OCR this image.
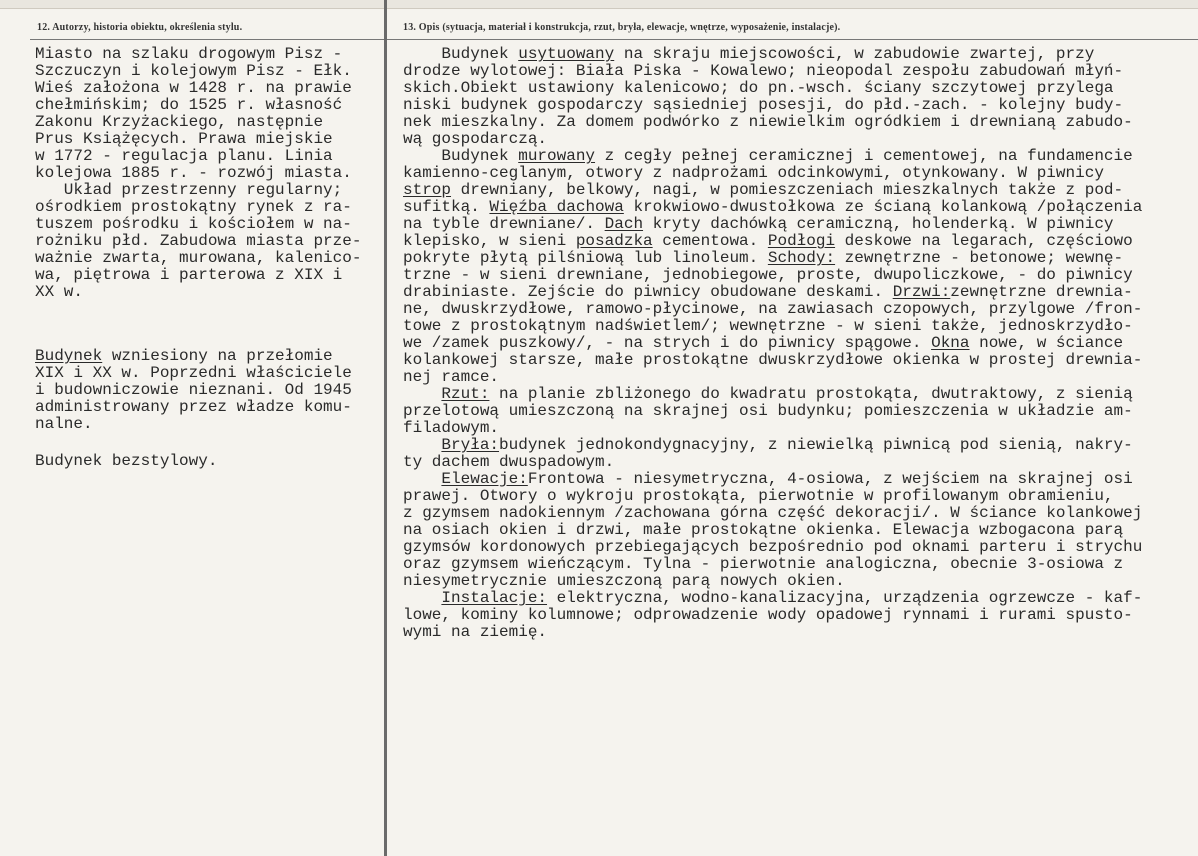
12. Autorzy, historia obiektu, określenia stylu.	13. Opis (sytuacja, materiał i konstrukcja, rzut, bryła, elewacje, wnętrze, wyposażenie, instalacje).
Miasto na szlaku drogowym Pisz -
Szczuczyn i kolejowym Pisz - Ełk.
Wieś założona w 1428 r. na prawie
chełmińskim; do 1525 r. własność
Zakonu Krzyżackiego, następnie
Prus Książęcych. Prawa miejskie
w 1772 - regulacja planu. Linia
kolejowa 1885 r. - rozwój miasta.
Układ przestrzenny regularny;
ośrodkiem prostokątny rynek z ra-
tuszem pośrodku i kościołem w na-
rożniku płd. Zabudowa miasta prze-
ważnie zwarta, murowana, kalenico-
wa, piętrowa i parterowa z XIX i
XX w.
Budynek wzniesiony na przełomie
XIX i XX w. Poprzedni właściciele
i budowniczowie nieznani. Od 1945
administrowany przez władze komu-
nalne.
Budynek bezstylowy.
Budynek usytuowany na skraju miejscowości, w zabudowie zwartej, przy
drodze wylotowej: Biała Piska - Kowalewo; nieopodal zespołu zabudowań młyń-
skich.Obiekt ustawiony kalenicowo; do pn.-wsch. ściany szczytowej przylega
niski budynek gospodarczy sąsiedniej posesji, do płd.-zach. - kolejny budy-
nek mieszkalny. Za domem podwórko z niewielkim ogródkiem i drewnianą zabudo-
wą gospodarczą.
Budynek murowany z cegły pełnej ceramicznej i cementowej, na fundamencie
kamienno-ceglanym, otwory z nadprożami odcinkowymi, otynkowany. W piwnicy
strop drewniany, belkowy, nagi, w pomieszczeniach mieszkalnych także z pod-
sufitką. Więźba dachowa krokwiowo-dwustołkowa ze ścianą kolankową /połączenia
na tyble drewniane/. Dach kryty dachówką ceramiczną, holenderką. W piwnicy
klepisko, w sieni posadzka cementowa. Podłogi deskowe na legarach, częściowo
pokryte płytą pilśniową lub linoleum. Schody: zewnętrzne - betonowe; wewnę-
trzne - w sieni drewniane, jednobiegowe, proste, dwupoliczkowe, - do piwnicy
drabiniaste. Zejście do piwnicy obudowane deskami. Drzwi:zewnętrzne drewnia-
ne, dwuskrzydłowe, ramowo-płycinowe, na zawiasach czopowych, przylgowe /fron-
towe z prostokątnym nadświetlem/; wewnętrzne - w sieni także, jednoskrzydło-
we /zamek puszkowy/, - na strych i do piwnicy spągowe. Okna nowe, w ściance
kolankowej starsze, małe prostokątne dwuskrzydłowe okienka w prostej drewnia-
nej ramce.
Rzut: na planie zbliżonego do kwadratu prostokąta, dwutraktowy, z sienią
przelotową umieszczoną na skrajnej osi budynku; pomieszczenia w układzie am-
filadowym.
Bryła:budynek jednokondygnacyjny, z niewielką piwnicą pod sienią, nakry-
ty dachem dwuspadowym.
Elewacje:Frontowa - niesymetryczna, 4-osiowa, z wejściem na skrajnej osi
prawej. Otwory o wykroju prostokąta, pierwotnie w profilowanym obramieniu,
z gzymsem nadokiennym /zachowana górna część dekoracji/. W ściance kolankowej
na osiach okien i drzwi, małe prostokątne okienka. Elewacja wzbogacona parą
gzymsów kordonowych przebiegających bezpośrednio pod oknami parteru i strychu
oraz gzymsem wieńczącym. Tylna - pierwotnie analogiczna, obecnie 3-osiowa z
niesymetrycznie umieszczoną parą nowych okien.
Instalacje: elektryczna, wodno-kanalizacyjna, urządzenia ogrzewcze - kaf-
lowe, kominy kolumnowe; odprowadzenie wody opadowej rynnami i rurami spusto-
wymi na ziemię.
